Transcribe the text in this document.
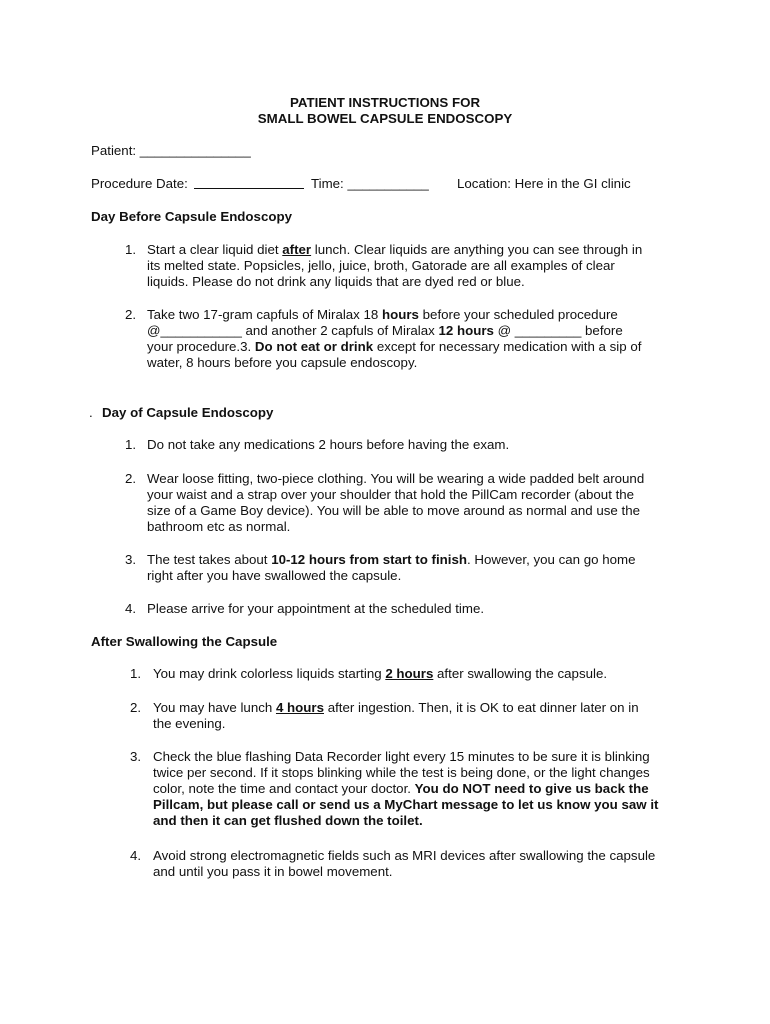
PATIENT INSTRUCTIONS FOR
SMALL BOWEL CAPSULE ENDOSCOPY
Patient: _______________
Procedure Date:	Time: ___________ Location: Here in the GI clinic
Day Before Capsule Endoscopy
1. Start a clear liquid diet after lunch. Clear liquids are anything you can see through in
its melted state. Popsicles, jello, juice, broth, Gatorade are all examples of clear
liquids. Please do not drink any liquids that are dyed red or blue.
2. Take two 17-gram capfuls of Miralax 18 hours before your scheduled procedure
@___________ and another 2 capfuls of Miralax 12 hours @ _________ before
your procedure.3. Do not eat or drink except for necessary medication with a sip of
water, 8 hours before you capsule endoscopy.
. Day of Capsule Endoscopy
1. Do not take any medications 2 hours before having the exam.
2. Wear loose fitting, two-piece clothing. You will be wearing a wide padded belt around
your waist and a strap over your shoulder that hold the PillCam recorder (about the
size of a Game Boy device). You will be able to move around as normal and use the
bathroom etc as normal.
3. The test takes about 10-12 hours from start to finish. However, you can go home
right after you have swallowed the capsule.
4. Please arrive for your appointment at the scheduled time.
After Swallowing the Capsule
1. You may drink colorless liquids starting 2 hours after swallowing the capsule.
2. You may have lunch 4 hours after ingestion. Then, it is OK to eat dinner later on in
the evening.
3. Check the blue flashing Data Recorder light every 15 minutes to be sure it is blinking
twice per second. If it stops blinking while the test is being done, or the light changes
color, note the time and contact your doctor. You do NOT need to give us back the
Pillcam, but please call or send us a MyChart message to let us know you saw it
and then it can get flushed down the toilet.
4. Avoid strong electromagnetic fields such as MRI devices after swallowing the capsule
and until you pass it in bowel movement.
